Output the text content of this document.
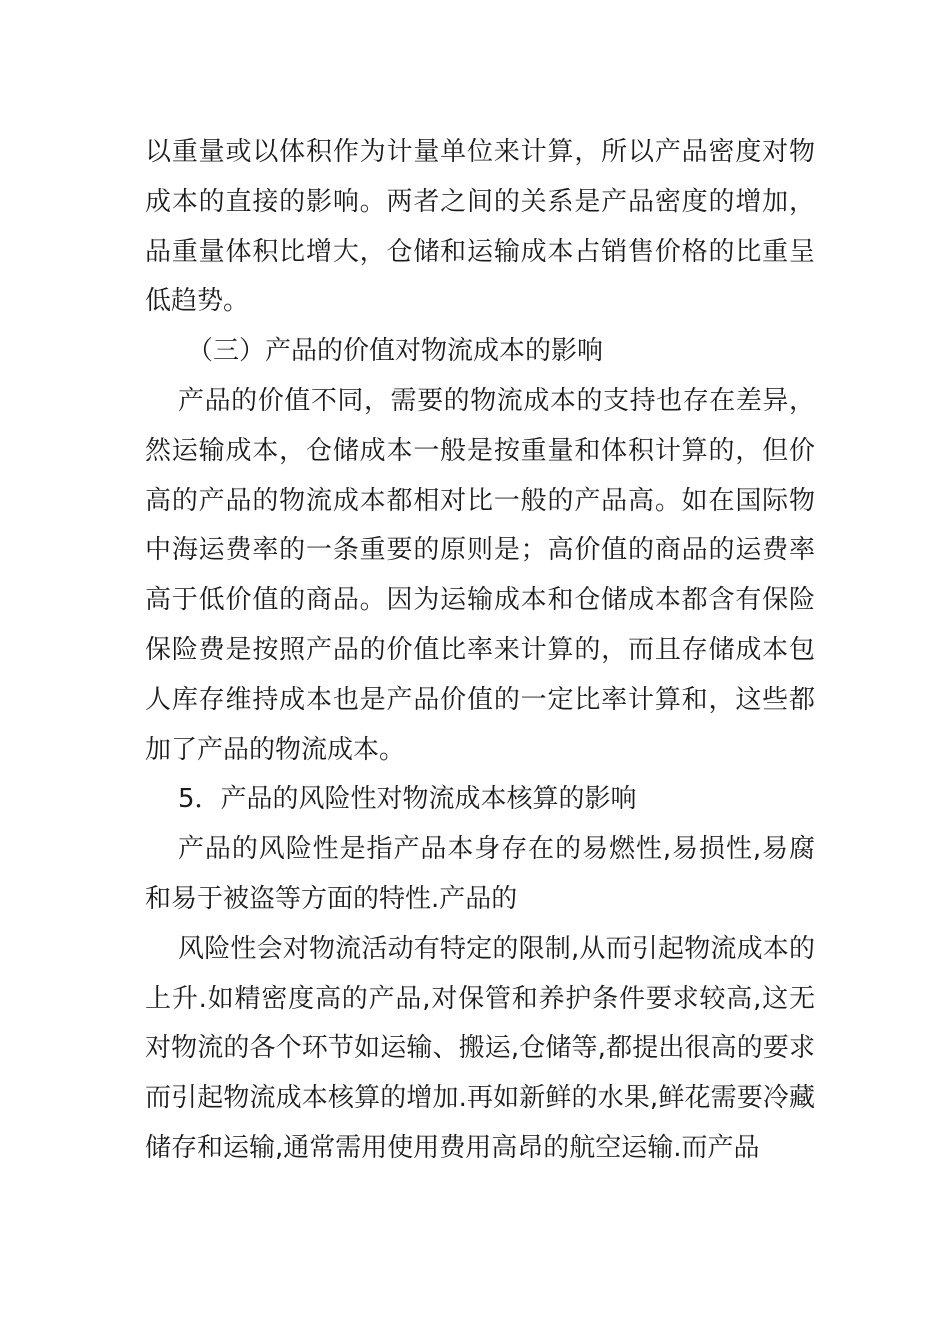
以重量或以体积作为计量单位来计算，所以产品密度对物
成本的直接的影响。两者之间的关系是产品密度的增加，
品重量体积比增大，仓储和运输成本占销售价格的比重呈
低趋势。
（三）产品的价值对物流成本的影响
产品的价值不同，需要的物流成本的支持也存在差异，
然运输成本，仓储成本一般是按重量和体积计算的，但价
高的产品的物流成本都相对比一般的产品高。如在国际物
中海运费率的一条重要的原则是；高价值的商品的运费率
高于低价值的商品。因为运输成本和仓储成本都含有保险
保险费是按照产品的价值比率来计算的，而且存储成本包
人库存维持成本也是产品价值的一定比率计算和，这些都
加了产品的物流成本。
5．产品的风险性对物流成本核算的影响
产品的风险性是指产品本身存在的易燃性,易损性,易腐
和易于被盗等方面的特性.产品的
风险性会对物流活动有特定的限制,从而引起物流成本的
上升.如精密度高的产品,对保管和养护条件要求较高,这无
对物流的各个环节如运输、搬运,仓储等,都提出很高的要求
而引起物流成本核算的增加.再如新鲜的水果,鲜花需要冷藏
储存和运输,通常需用使用费用高昂的航空运输.而产品
